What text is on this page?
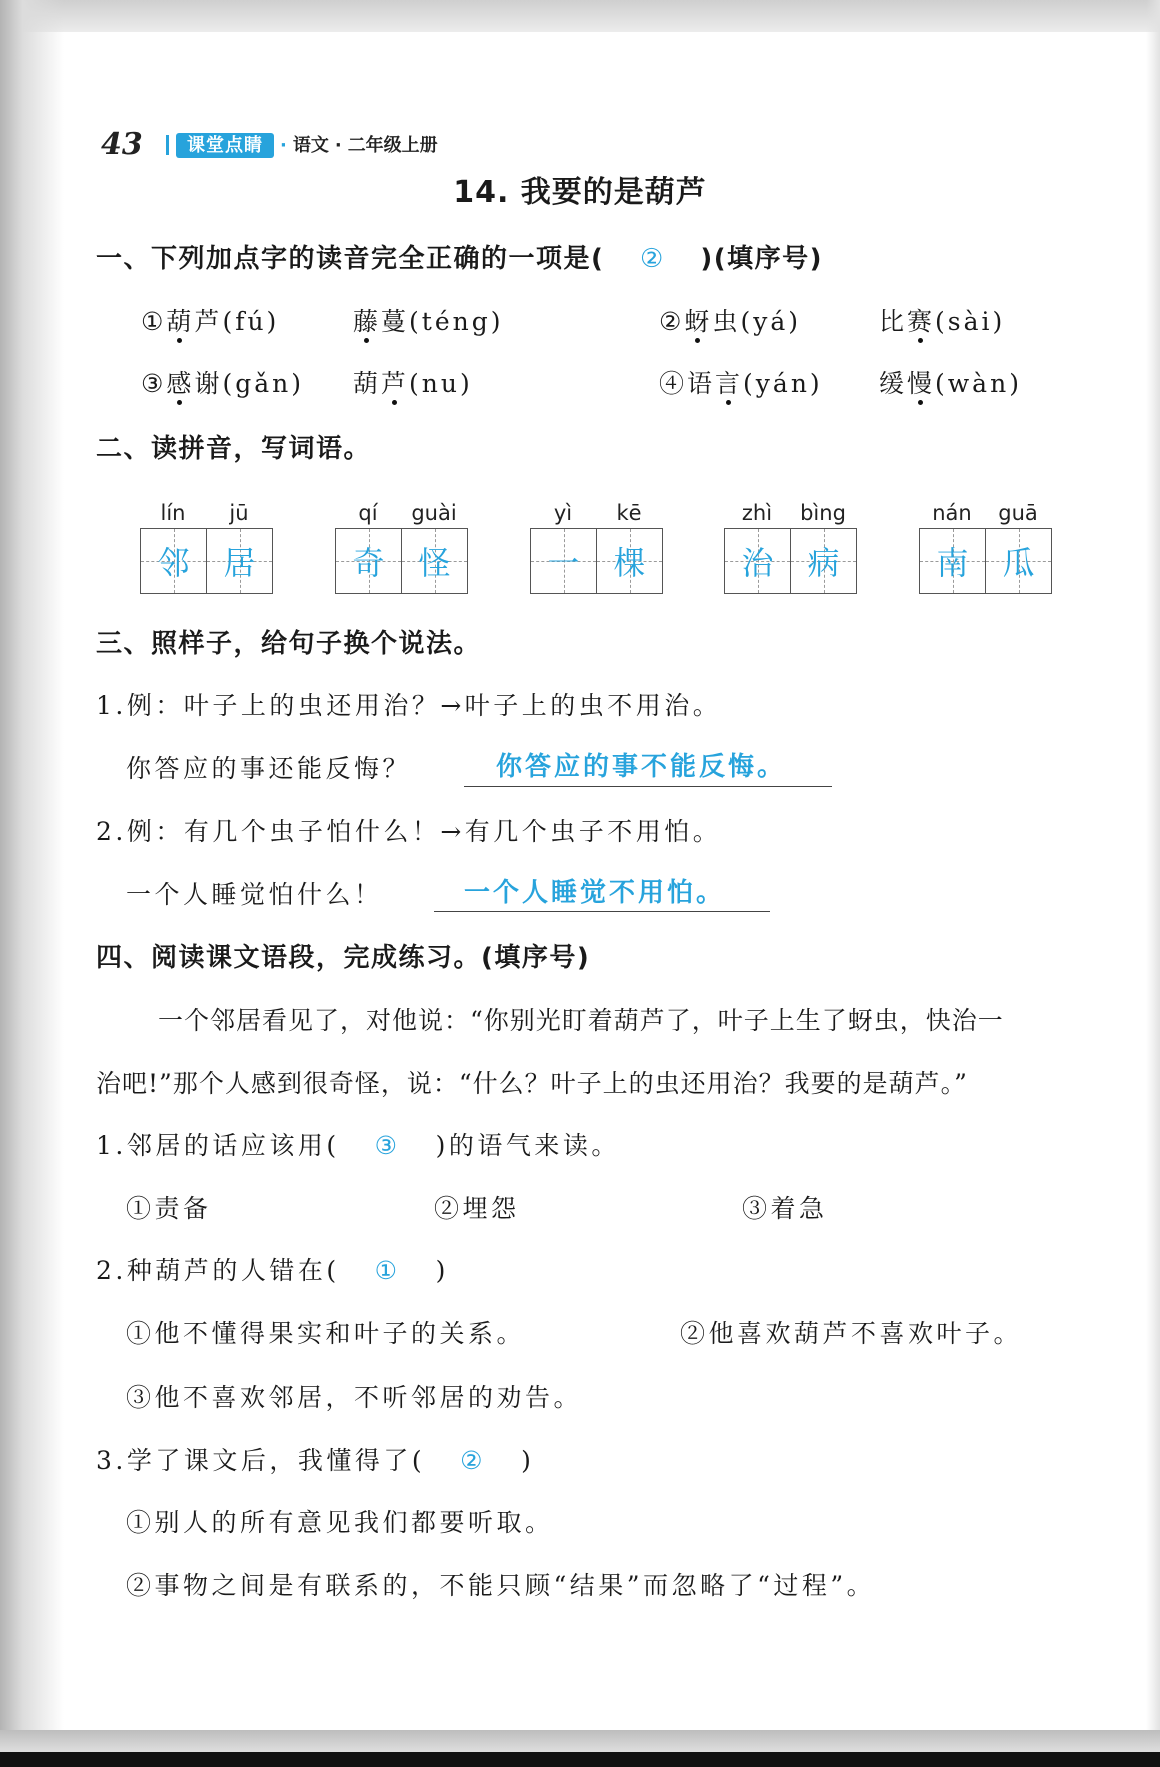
43	课堂点睛 · 语文 · 二年级上册
14. 我要的是葫芦
一、下列加点字的读音完全正确的一项是( ② )(填序号)
①葫芦(fú)	藤蔓(téng)	②蚜虫(yá)	比赛(sài)
③感谢(gǎn) 葫芦(nu)	④语言(yán) 缓慢(wàn)
二、读拼音，写词语。
lín	jū
邻	居
qí	guài
奇	怪
yì	kē
一	棵
zhì	bìng
治	病
nán	guā
南	瓜
三、照样子，给句子换个说法。
1.例：叶子上的虫还用治？→叶子上的虫不用治。
你答应的事还能反悔？	你答应的事不能反悔。
2.例：有几个虫子怕什么！→有几个虫子不用怕。
一个人睡觉怕什么！	一个人睡觉不用怕。
四、阅读课文语段，完成练习。(填序号)
一个邻居看见了，对他说：“你别光盯着葫芦了，叶子上生了蚜虫，快治一
治吧!”那个人感到很奇怪，说：“什么？叶子上的虫还用治？我要的是葫芦。”
1.邻居的话应该用( ③ )的语气来读。
①责备	②埋怨	③着急
2.种葫芦的人错在( ① )
①他不懂得果实和叶子的关系。	②他喜欢葫芦不喜欢叶子。
③他不喜欢邻居，不听邻居的劝告。
3.学了课文后，我懂得了( ② )
①别人的所有意见我们都要听取。
②事物之间是有联系的，不能只顾“结果”而忽略了“过程”。
